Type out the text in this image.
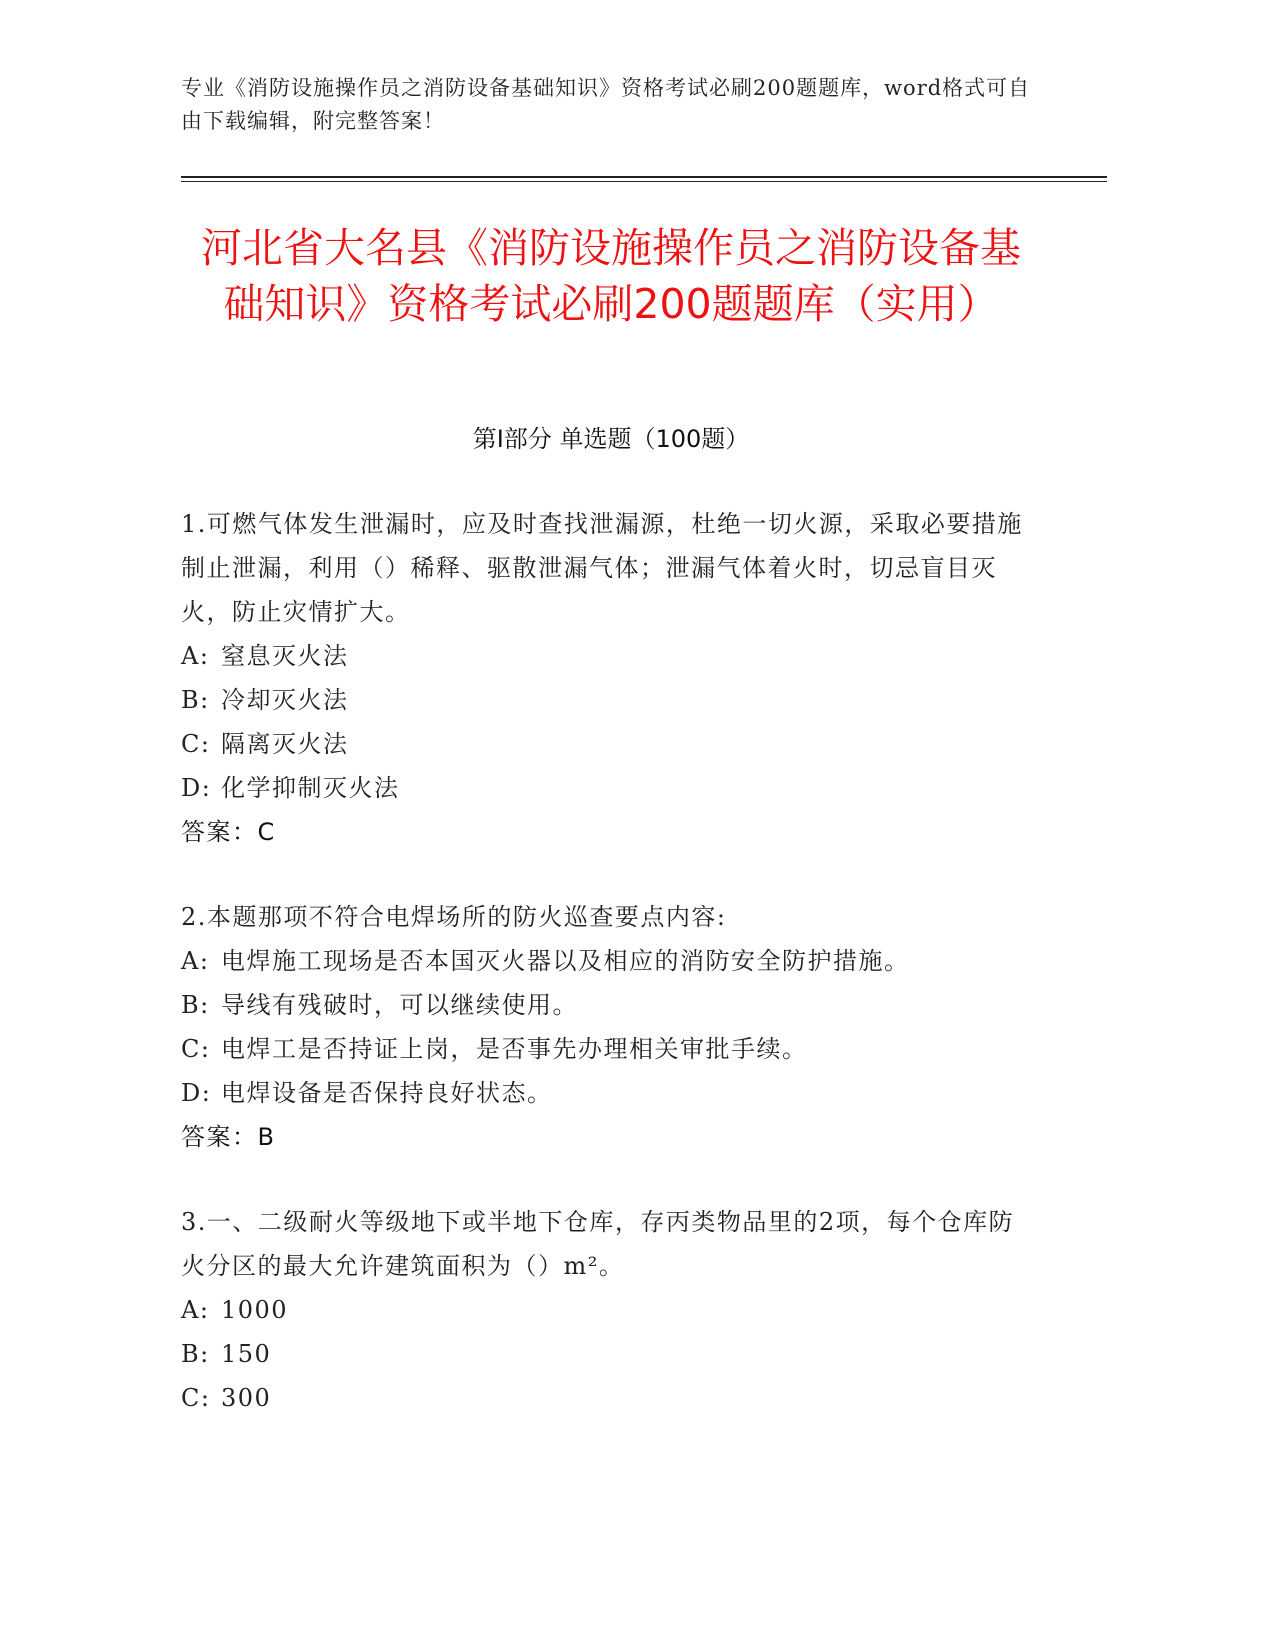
专业《消防设施操作员之消防设备基础知识》资格考试必刷200题题库，word格式可自由下载编辑，附完整答案！
河北省大名县《消防设施操作员之消防设备基础知识》资格考试必刷200题题库（实用）
第Ⅰ部分 单选题（100题）
1.可燃气体发生泄漏时，应及时查找泄漏源，杜绝一切火源，采取必要措施制止泄漏，利用（）稀释、驱散泄漏气体；泄漏气体着火时，切忌盲目灭火，防止灾情扩大。
A: 窒息灭火法
B: 冷却灭火法
C: 隔离灭火法
D: 化学抑制灭火法
答案：C
2.本题那项不符合电焊场所的防火巡查要点内容:
A: 电焊施工现场是否本国灭火器以及相应的消防安全防护措施。
B: 导线有残破时，可以继续使用。
C: 电焊工是否持证上岗，是否事先办理相关审批手续。
D: 电焊设备是否保持良好状态。
答案：B
3.一、二级耐火等级地下或半地下仓库，存丙类物品里的2项，每个仓库防火分区的最大允许建筑面积为（）m²。
A: 1000
B: 150
C: 300
